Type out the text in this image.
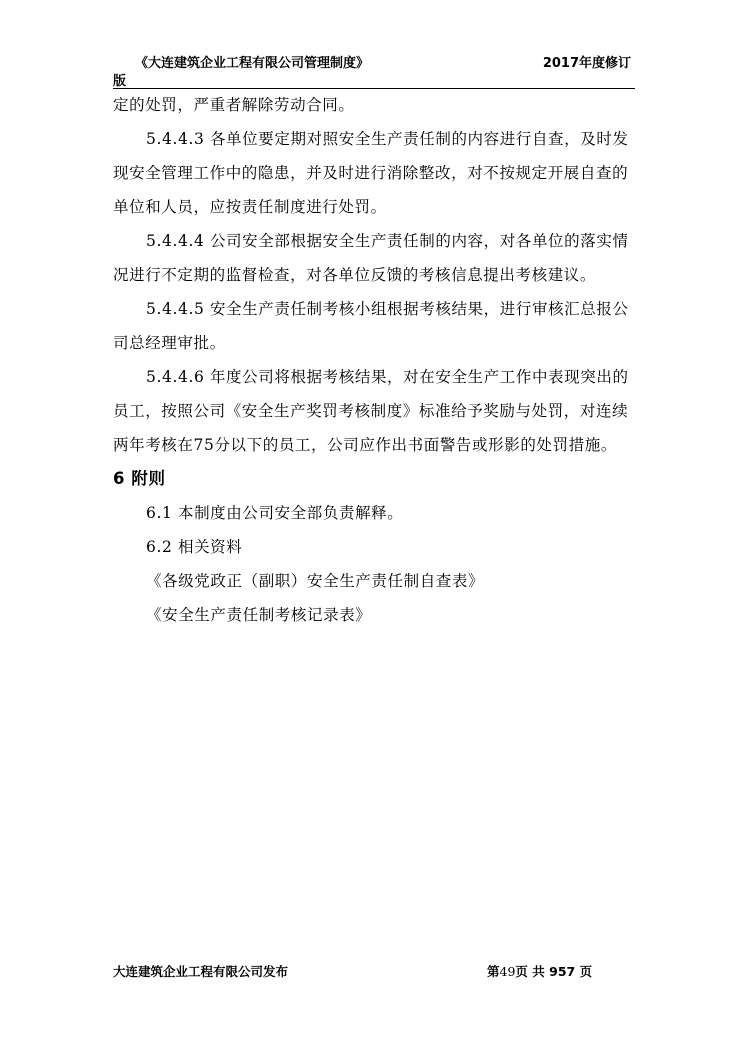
《大连建筑企业工程有限公司管理制度》	2017年度修订
版

定的处罚，严重者解除劳动合同。

5.4.4.3 各单位要定期对照安全生产责任制的内容进行自查，及时发现安全管理工作中的隐患，并及时进行消除整改，对不按规定开展自查的单位和人员，应按责任制度进行处罚。

5.4.4.4 公司安全部根据安全生产责任制的内容，对各单位的落实情况进行不定期的监督检查，对各单位反馈的考核信息提出考核建议。

5.4.4.5 安全生产责任制考核小组根据考核结果，进行审核汇总报公司总经理审批。

5.4.4.6 年度公司将根据考核结果，对在安全生产工作中表现突出的员工，按照公司《安全生产奖罚考核制度》标准给予奖励与处罚，对连续两年考核在75分以下的员工，公司应作出书面警告或形影的处罚措施。

6 附则

6.1 本制度由公司安全部负责解释。

6.2 相关资料

《各级党政正（副职）安全生产责任制自查表》

《安全生产责任制考核记录表》

大连建筑企业工程有限公司发布	第49页 共 957 页
